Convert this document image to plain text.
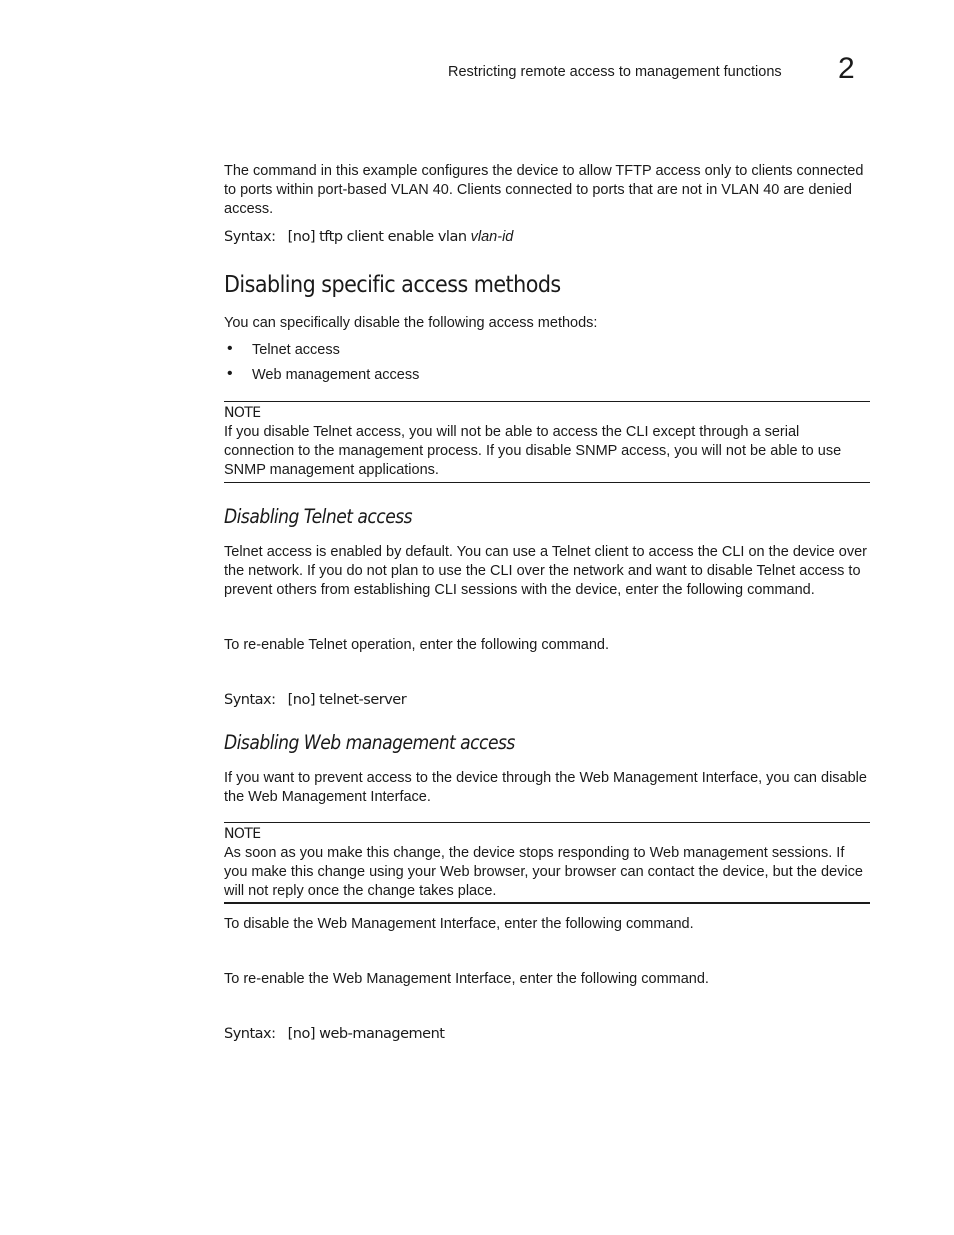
Restricting remote access to management functions 2

The command in this example configures the device to allow TFTP access only to clients connected to ports within port-based VLAN 40. Clients connected to ports that are not in VLAN 40 are denied access.

Syntax: [no] tftp client enable vlan vlan-id
Disabling specific access methods

You can specifically disable the following access methods:

• Telnet access
• Web management access
NOTE
If you disable Telnet access, you will not be able to access the CLI except through a serial connection to the management process. If you disable SNMP access, you will not be able to use SNMP management applications.
Disabling Telnet access

Telnet access is enabled by default. You can use a Telnet client to access the CLI on the device over the network. If you do not plan to use the CLI over the network and want to disable Telnet access to prevent others from establishing CLI sessions with the device, enter the following command.

To re-enable Telnet operation, enter the following command.

Syntax: [no] telnet-server
Disabling Web management access

If you want to prevent access to the device through the Web Management Interface, you can disable the Web Management Interface.

NOTE
As soon as you make this change, the device stops responding to Web management sessions. If you make this change using your Web browser, your browser can contact the device, but the device will not reply once the change takes place.

To disable the Web Management Interface, enter the following command.

To re-enable the Web Management Interface, enter the following command.

Syntax: [no] web-management
